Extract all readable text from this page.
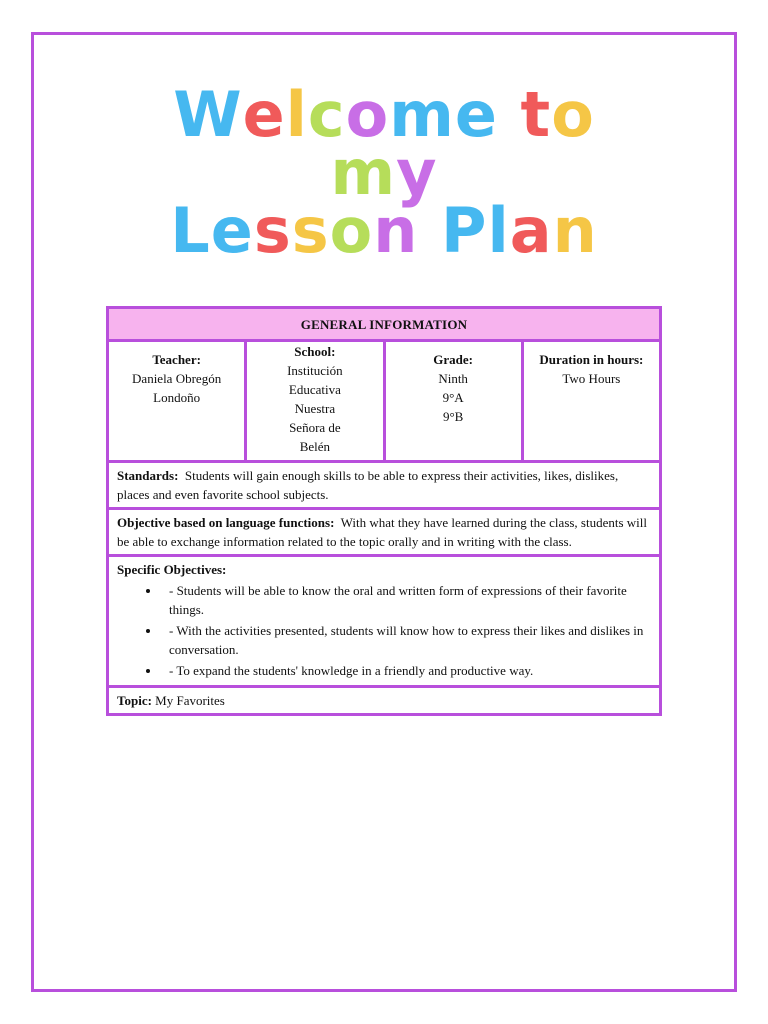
Welcome to
my
Lesson Plan
GENERAL INFORMATION

Teacher:
Daniela Obregón
Londoño

School:
Institución
Educativa
Nuestra
Señora de
Belén

Grade:
Ninth
9°A
9°B

Duration in hours:
Two Hours

Standards: Students will gain enough skills to be able to express their activities, likes, dislikes, places and even favorite school subjects.
Objective based on language functions: With what they have learned during the class, students will be able to exchange information related to the topic orally and in writing with the class.
Specific Objectives:
• - Students will be able to know the oral and written form of expressions of their favorite things.
• - With the activities presented, students will know how to express their likes and dislikes in conversation.
• - To expand the students' knowledge in a friendly and productive way.

Topic: My Favorites
